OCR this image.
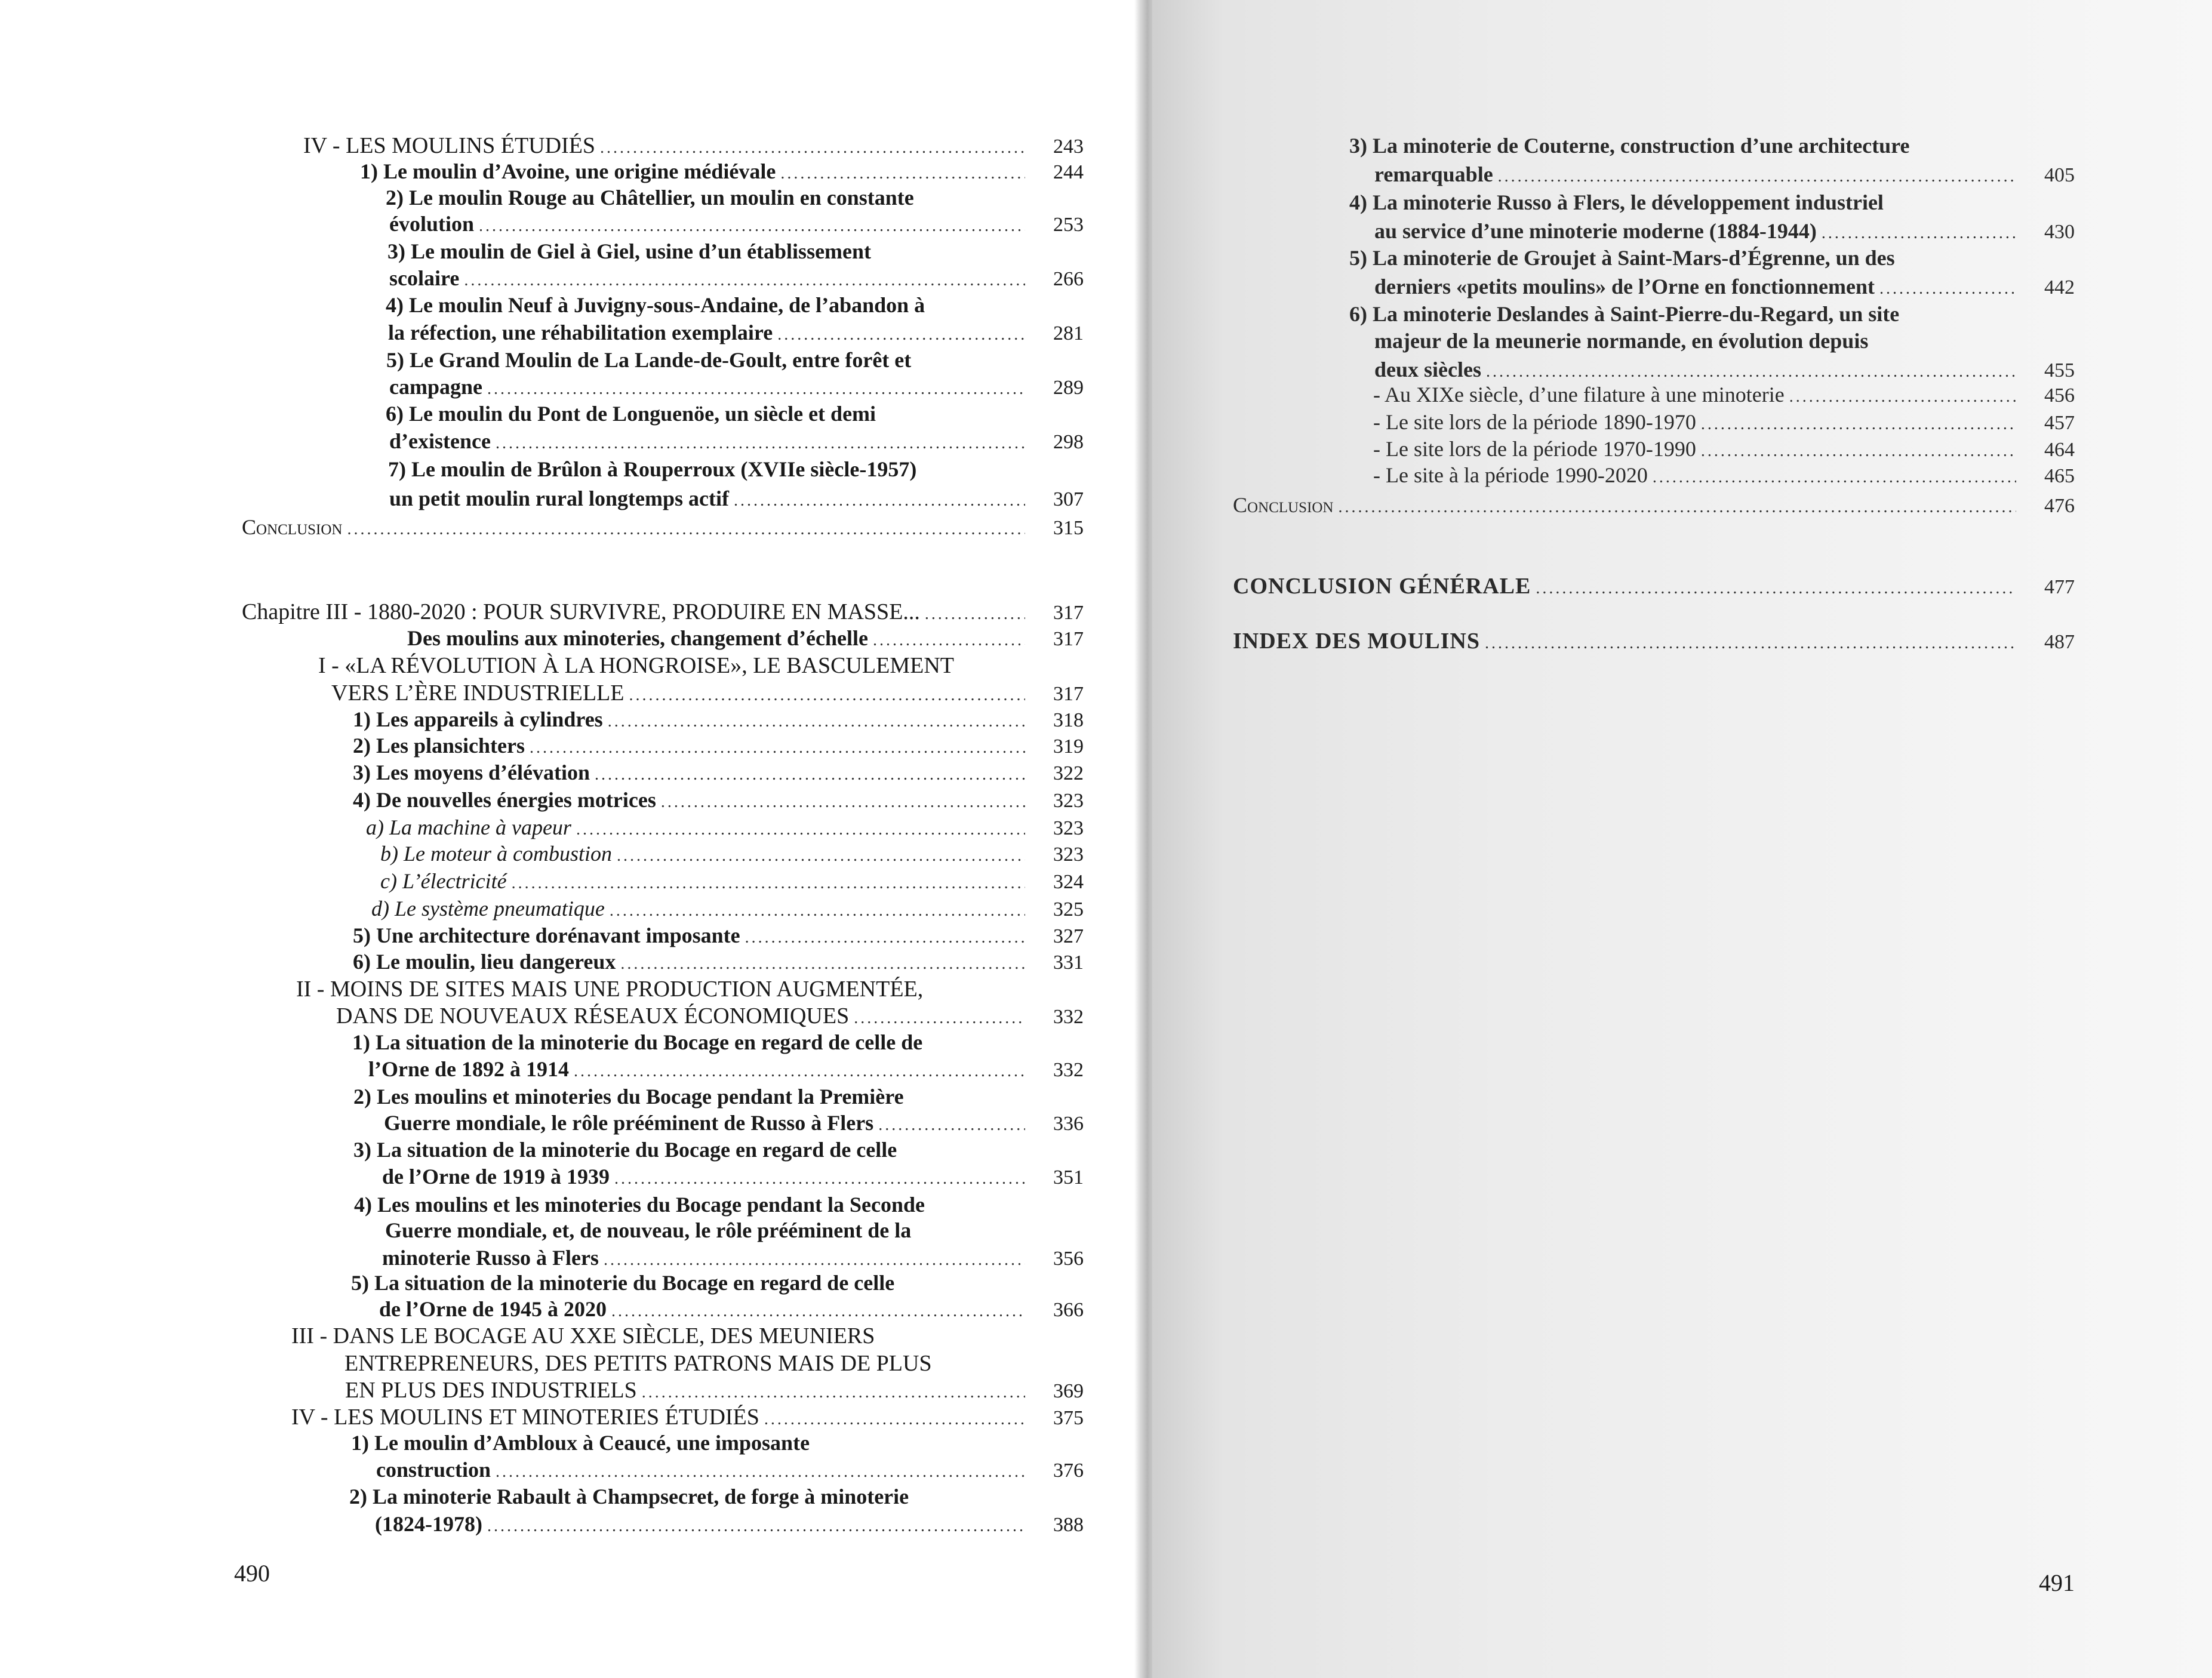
IV - LES MOULINS ÉTUDIÉS .....	243
1) Le moulin d’Avoine, une origine médiévale .....	244
2) Le moulin Rouge au Châtellier, un moulin en constante
évolution .....	253
3) Le moulin de Giel à Giel, usine d’un établissement
scolaire .....	266
4) Le moulin Neuf à Juvigny-sous-Andaine, de l’abandon à
la réfection, une réhabilitation exemplaire .....	281
5) Le Grand Moulin de La Lande-de-Goult, entre forêt et
campagne .....	289
6) Le moulin du Pont de Longuenöe, un siècle et demi
d’existence .....	298
7) Le moulin de Brûlon à Rouperroux (XVIIe siècle-1957)
un petit moulin rural longtemps actif .....	307
Conclusion .....	315
Chapitre III - 1880-2020 : POUR SURVIVRE, PRODUIRE EN MASSE... .....	317
Des moulins aux minoteries, changement d’échelle .....	317
I - «LA RÉVOLUTION À LA HONGROISE», LE BASCULEMENT
VERS L’ÈRE INDUSTRIELLE .....	317
1) Les appareils à cylindres .....	318
2) Les plansichters .....	319
3) Les moyens d’élévation .....	322
4) De nouvelles énergies motrices .....	323
a) La machine à vapeur .....	323
b) Le moteur à combustion .....	323
c) L’électricité .....	324
d) Le système pneumatique .....	325
5) Une architecture dorénavant imposante .....	327
6) Le moulin, lieu dangereux .....	331
II - MOINS DE SITES MAIS UNE PRODUCTION AUGMENTÉE,
DANS DE NOUVEAUX RÉSEAUX ÉCONOMIQUES .....	332
1) La situation de la minoterie du Bocage en regard de celle de
l’Orne de 1892 à 1914 .....	332
2) Les moulins et minoteries du Bocage pendant la Première
Guerre mondiale, le rôle prééminent de Russo à Flers .....	336
3) La situation de la minoterie du Bocage en regard de celle
de l’Orne de 1919 à 1939 .....	351
4) Les moulins et les minoteries du Bocage pendant la Seconde
Guerre mondiale, et, de nouveau, le rôle prééminent de la
minoterie Russo à Flers .....	356
5) La situation de la minoterie du Bocage en regard de celle
de l’Orne de 1945 à 2020 .....	366
III - DANS LE BOCAGE AU XXE SIÈCLE, DES MEUNIERS
ENTREPRENEURS, DES PETITS PATRONS MAIS DE PLUS
EN PLUS DES INDUSTRIELS .....	369
IV - LES MOULINS ET MINOTERIES ÉTUDIÉS .....	375
1) Le moulin d’Ambloux à Ceaucé, une imposante
construction .....	376
2) La minoterie Rabault à Champsecret, de forge à minoterie
(1824-1978) .....	388
490
3) La minoterie de Couterne, construction d’une architecture
remarquable .....	405
4) La minoterie Russo à Flers, le développement industriel
au service d’une minoterie moderne (1884-1944) .....	430
5) La minoterie de Groujet à Saint-Mars-d’Égrenne, un des
derniers «petits moulins» de l’Orne en fonctionnement .....	442
6) La minoterie Deslandes à Saint-Pierre-du-Regard, un site
majeur de la meunerie normande, en évolution depuis
deux siècles .....	455
- Au XIXe siècle, d’une filature à une minoterie .....	456
- Le site lors de la période 1890-1970 .....	457
- Le site lors de la période 1970-1990 .....	464
- Le site à la période 1990-2020 .....	465
Conclusion .....	476
CONCLUSION GÉNÉRALE .....	477
INDEX DES MOULINS .....	487
491
